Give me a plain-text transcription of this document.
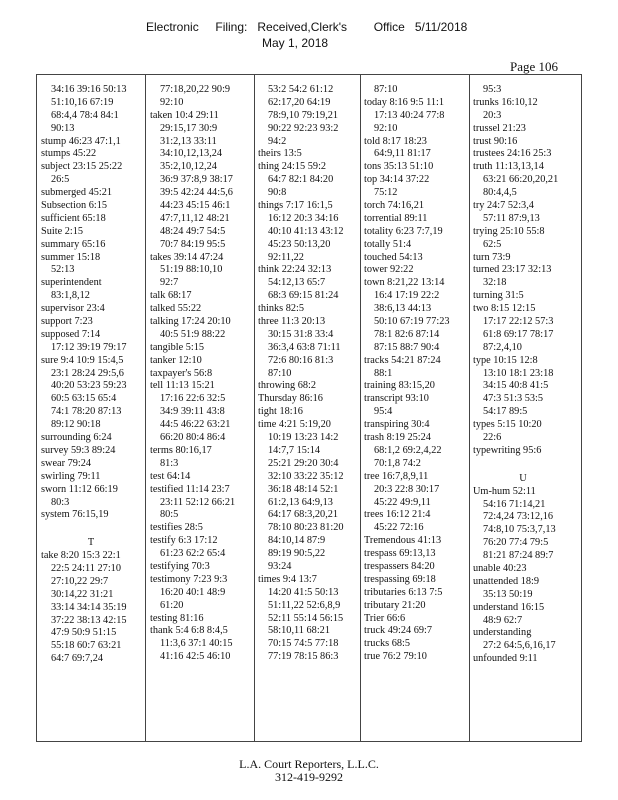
Electronic     Filing:   Received,Clerk's        Office   5/11/2018
May 1, 2018
Page 106
34:16 39:16 50:13
51:10,16 67:19
68:4,4 78:4 84:1
90:13
stump 46:23 47:1,1
stumps 45:22
subject 23:15 25:22
26:5
submerged 45:21
Subsection 6:15
sufficient 65:18
Suite 2:15
summary 65:16
summer 15:18
52:13
superintendent
83:1,8,12
supervisor 23:4
support 7:23
supposed 7:14
17:12 39:19 79:17
sure 9:4 10:9 15:4,5
23:1 28:24 29:5,6
40:20 53:23 59:23
60:5 63:15 65:4
74:1 78:20 87:13
89:12 90:18
surrounding 6:24
survey 59:3 89:24
swear 79:24
swirling 79:11
sworn 11:12 66:19
80:3
system 76:15,19
T
take 8:20 15:3 22:1
22:5 24:11 27:10
27:10,22 29:7
30:14,22 31:21
33:14 34:14 35:19
37:22 38:13 42:15
47:9 50:9 51:15
55:18 60:7 63:21
64:7 69:7,24
77:18,20,22 90:9
92:10
taken 10:4 29:11
29:15,17 30:9
31:2,13 33:11
34:10,12,13,24
35:2,10,12,24
36:9 37:8,9 38:17
39:5 42:24 44:5,6
44:23 45:15 46:1
47:7,11,12 48:21
48:24 49:7 54:5
70:7 84:19 95:5
takes 39:14 47:24
51:19 88:10,10
92:7
talk 68:17
talked 55:22
talking 17:24 20:10
40:5 51:9 88:22
tangible 5:15
tanker 12:10
taxpayer's 56:8
tell 11:13 15:21
17:16 22:6 32:5
34:9 39:11 43:8
44:5 46:22 63:21
66:20 80:4 86:4
terms 80:16,17
81:3
test 64:14
testified 11:14 23:7
23:11 52:12 66:21
80:5
testifies 28:5
testify 6:3 17:12
61:23 62:2 65:4
testifying 70:3
testimony 7:23 9:3
16:20 40:1 48:9
61:20
testing 81:16
thank 5:4 6:8 8:4,5
11:3,6 37:1 40:15
41:16 42:5 46:10
53:2 54:2 61:12
62:17,20 64:19
78:9,10 79:19,21
90:22 92:23 93:2
94:2
theirs 13:5
thing 24:15 59:2
64:7 82:1 84:20
90:8
things 7:17 16:1,5
16:12 20:3 34:16
40:10 41:13 43:12
45:23 50:13,20
92:11,22
think 22:24 32:13
54:12,13 65:7
68:3 69:15 81:24
thinks 82:5
three 11:3 20:13
30:15 31:8 33:4
36:3,4 63:8 71:11
72:6 80:16 81:3
87:10
throwing 68:2
Thursday 86:16
tight 18:16
time 4:21 5:19,20
10:19 13:23 14:2
14:7,7 15:14
25:21 29:20 30:4
32:10 33:22 35:12
36:18 48:14 52:1
61:2,13 64:9,13
64:17 68:3,20,21
78:10 80:23 81:20
84:10,14 87:9
89:19 90:5,22
93:24
times 9:4 13:7
14:20 41:5 50:13
51:11,22 52:6,8,9
52:11 55:14 56:15
58:10,11 68:21
70:15 74:5 77:18
77:19 78:15 86:3
87:10
today 8:16 9:5 11:1
17:13 40:24 77:8
92:10
told 8:17 18:23
64:9,11 81:17
tons 35:13 51:10
top 34:14 37:22
75:12
torch 74:16,21
torrential 89:11
totality 6:23 7:7,19
totally 51:4
touched 54:13
tower 92:22
town 8:21,22 13:14
16:4 17:19 22:2
38:6,13 44:13
50:10 67:19 77:23
78:1 82:6 87:14
87:15 88:7 90:4
tracks 54:21 87:24
88:1
training 83:15,20
transcript 93:10
95:4
transpiring 30:4
trash 8:19 25:24
68:1,2 69:2,4,22
70:1,8 74:2
tree 16:7,8,9,11
20:3 22:8 30:17
45:22 49:9,11
trees 16:12 21:4
45:22 72:16
Tremendous 41:13
trespass 69:13,13
trespassers 84:20
trespassing 69:18
tributaries 6:13 7:5
tributary 21:20
Trier 66:6
truck 49:24 69:7
trucks 68:5
true 76:2 79:10
95:3
trunks 16:10,12
20:3
trussel 21:23
trust 90:16
trustees 24:16 25:3
truth 11:13,13,14
63:21 66:20,20,21
80:4,4,5
try 24:7 52:3,4
57:11 87:9,13
trying 25:10 55:8
62:5
turn 73:9
turned 23:17 32:13
32:18
turning 31:5
two 8:15 12:15
17:17 22:12 57:3
61:8 69:17 78:17
87:2,4,10
type 10:15 12:8
13:10 18:1 23:18
34:15 40:8 41:5
47:3 51:3 53:5
54:17 89:5
types 5:15 10:20
22:6
typewriting 95:6
U
Um-hum 52:11
54:16 71:14,21
72:4,24 73:12,16
74:8,10 75:3,7,13
76:20 77:4 79:5
81:21 87:24 89:7
unable 40:23
unattended 18:9
35:13 50:19
understand 16:15
48:9 62:7
understanding
27:2 64:5,6,16,17
unfounded 9:11
L.A. Court Reporters, L.L.C.
312-419-9292
